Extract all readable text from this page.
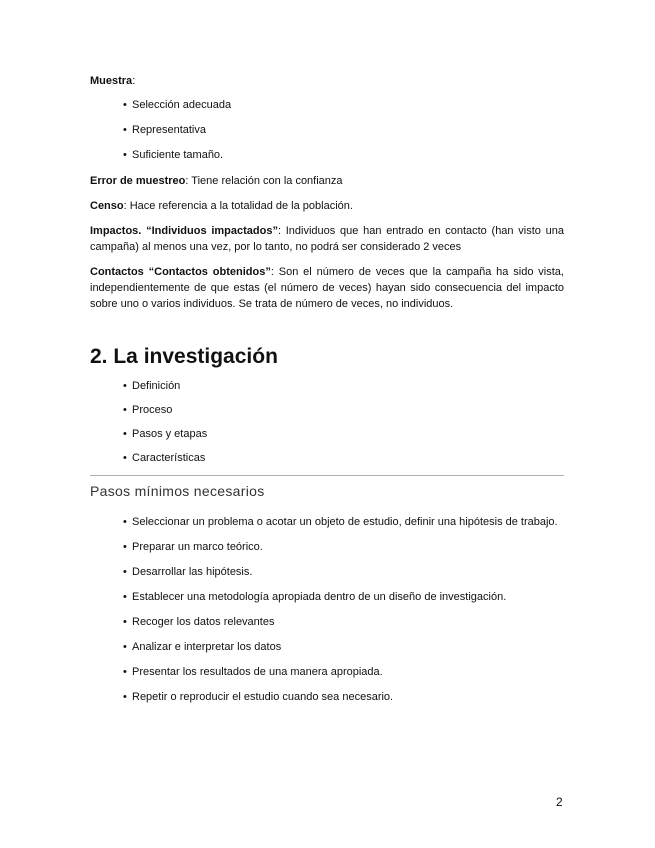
Muestra:

• Selección adecuada
• Representativa
• Suficiente tamaño.

Error de muestreo: Tiene relación con la confianza

Censo: Hace referencia a la totalidad de la población.

Impactos. “Individuos impactados”: Individuos que han entrado en contacto (han visto una campaña) al menos una vez, por lo tanto, no podrá ser considerado 2 veces

Contactos “Contactos obtenidos”: Son el número de veces que la campaña ha sido vista, independientemente de que estas (el número de veces) hayan sido consecuencia del impacto sobre uno o varios individuos. Se trata de número de veces, no individuos.

2. La investigación
• Definición
• Proceso
• Pasos y etapas
• Características
Pasos mínimos necesarios
• Seleccionar un problema o acotar un objeto de estudio, definir una hipótesis de trabajo.
• Preparar un marco teórico.
• Desarrollar las hipótesis.
• Establecer una metodología apropiada dentro de un diseño de investigación.
• Recoger los datos relevantes
• Analizar e interpretar los datos
• Presentar los resultados de una manera apropiada.
• Repetir o reproducir el estudio cuando sea necesario.
2
